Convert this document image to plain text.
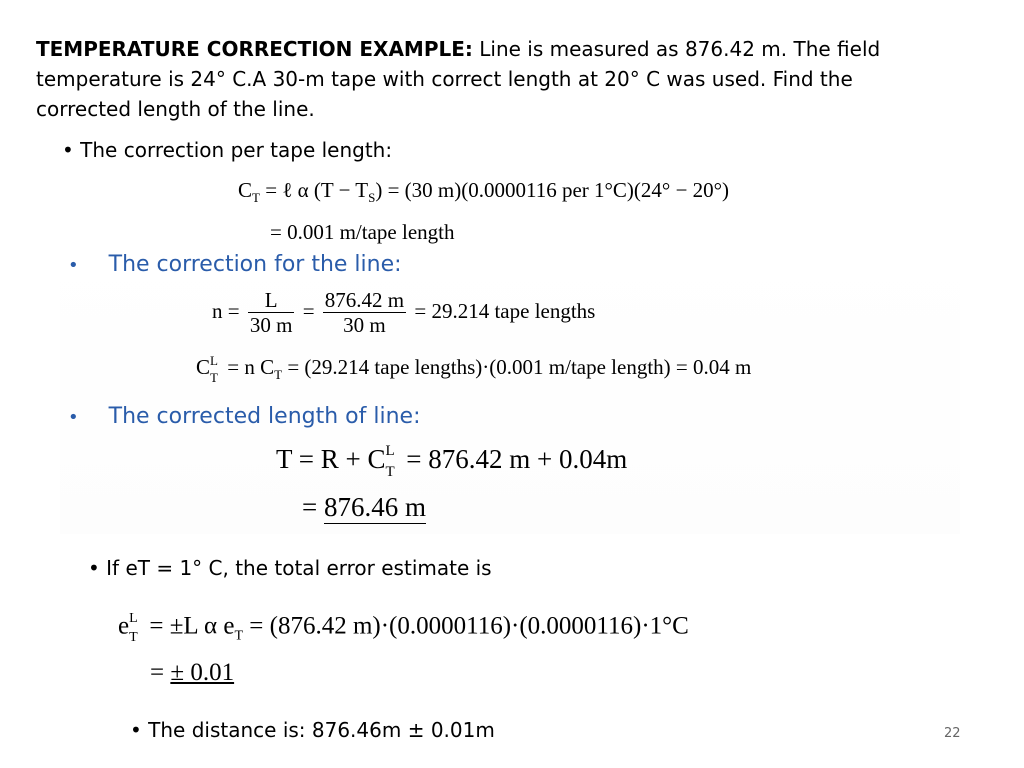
TEMPERATURE CORRECTION EXAMPLE: Line is measured as 876.42 m. The field temperature is 24° C.A 30-m tape with correct length at 20° C was used. Find the corrected length of the line.
• The correction per tape length:
$C_T$ = ℓ α $(T - T_S) = (30$ m)(0.0000116 per 1°C)(24° − 20°)
= 0.001 m/tape length
• The correction for the line:
$n = \frac{L}{30 m} = \frac{876.42 m}{30 m} = 29.214$ tape lengths
C L
T = n $C_T = (29.214$ tape lengths)·(0.001 m/tape length) = 0.04 m
• The corrected length of line:
T = R + C L
T = 876.42 m + 0.04m
= 876.46 m
• If eT = 1° C, the total error estimate is
e L
T = ±L α $e_T = (876.42$ m)·(0.0000116)·(0.0000116)·1°C
= ± 0.01
• The distance is: 876.46m ± 0.01m	22
